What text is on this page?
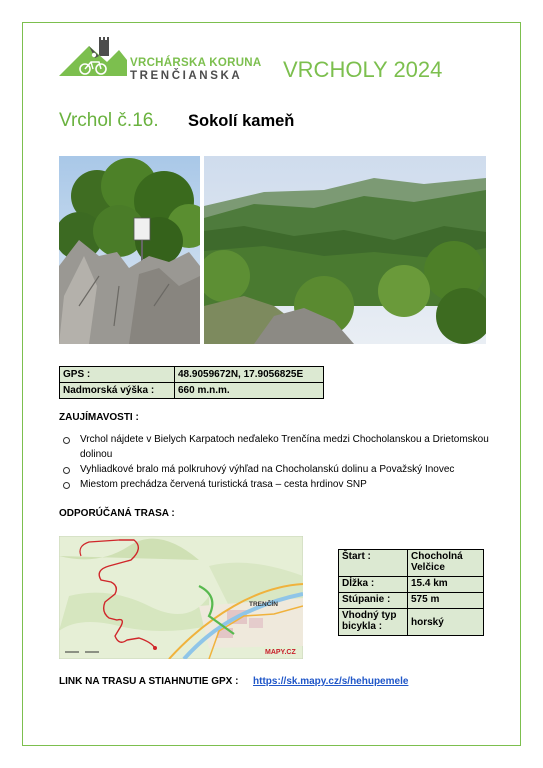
VRCHÁRSKA KORUNA
TRENČIANSKA VRCHOLY 2024
Vrchol č.16. Sokolí kameň
GPS :	48.9059672N, 17.9056825E
Nadmorská výška :	660 m.n.m.
ZAUJÍMAVOSTI :
Vrchol nájdete v Bielych Karpatoch neďaleko Trenčína medzi Chocholanskou a Drietomskou dolinou
Vyhliadkové bralo má polkruhový výhľad na Chocholanskú dolinu a Považský Inovec
Miestom prechádza červená turistická trasa – cesta hrdinov SNP
ODPORÚČANÁ TRASA :
TRENČÍN
MAPY.CZ
Štart :	Chocholná Velčice
Dĺžka :	15.4 km
Stúpanie :	575 m
Vhodný typ bicykla :	horský
LINK NA TRASU A STIAHNUTIE GPX : https://sk.mapy.cz/s/hehupemele
